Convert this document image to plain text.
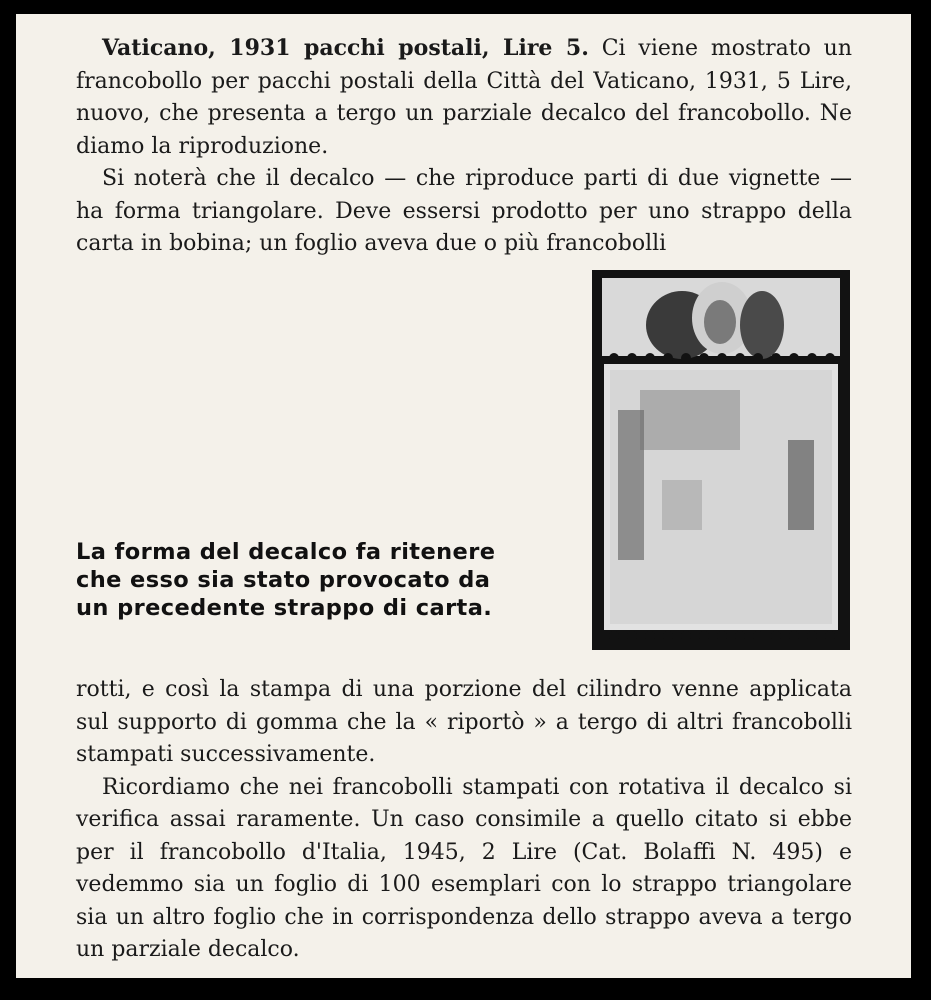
Vaticano, 1931 pacchi postali, Lire 5. Ci viene mostrato un francobollo per pacchi postali della Città del Vaticano, 1931, 5 Lire, nuovo, che presenta a tergo un parziale decalco del francobollo. Ne diamo la riproduzione.

Si noterà che il decalco — che riproduce parti di due vignette — ha forma triangolare. Deve essersi prodotto per uno strappo della carta in bobina; un foglio aveva due o più francobolli

La forma del decalco fa ritenere
che esso sia stato provocato da
un precedente strappo di carta.

rotti, e così la stampa di una porzione del cilindro venne applicata sul supporto di gomma che la « riportò » a tergo di altri francobolli stampati successivamente.

Ricordiamo che nei francobolli stampati con rotativa il decalco si verifica assai raramente. Un caso consimile a quello citato si ebbe per il francobollo d'Italia, 1945, 2 Lire (Cat. Bolaffi N. 495) e vedemmo sia un foglio di 100 esemplari con lo strappo triangolare sia un altro foglio che in corrispondenza dello strappo aveva a tergo un parziale decalco.
